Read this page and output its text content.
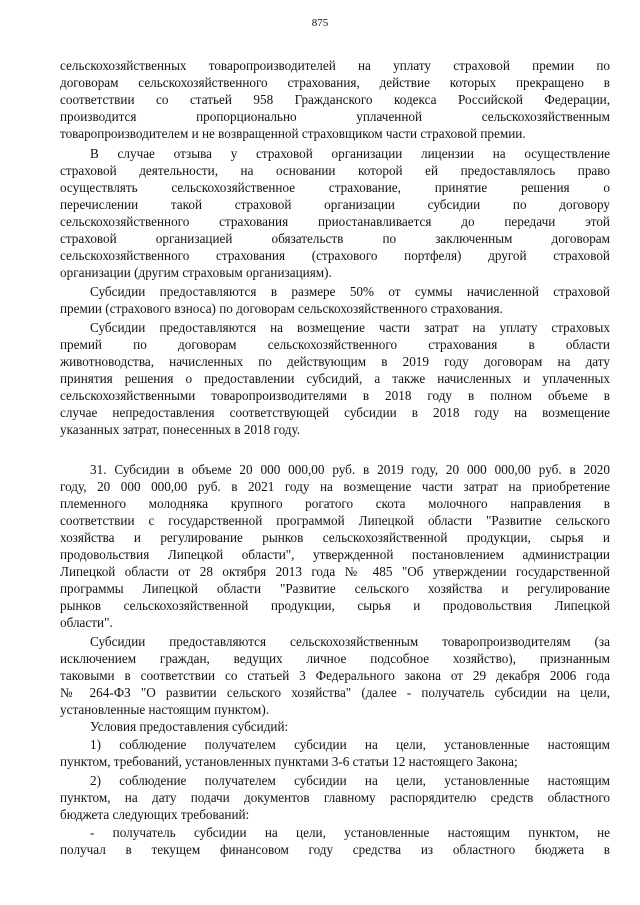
875
сельскохозяйственных товаропроизводителей на уплату страховой премии по
договорам сельскохозяйственного страхования, действие которых прекращено в
соответствии со статьей 958 Гражданского кодекса Российской Федерации,
производится пропорционально уплаченной сельскохозяйственным
товаропроизводителем и не возвращенной страховщиком части страховой премии.
В случае отзыва у страховой организации лицензии на осуществление
страховой деятельности, на основании которой ей предоставлялось право
осуществлять сельскохозяйственное страхование, принятие решения о
перечислении такой страховой организации субсидии по договору
сельскохозяйственного страхования приостанавливается до передачи этой
страховой организацией обязательств по заключенным договорам
сельскохозяйственного страхования (страхового портфеля) другой страховой
организации (другим страховым организациям).
Субсидии предоставляются в размере 50% от суммы начисленной страховой
премии (страхового взноса) по договорам сельскохозяйственного страхования.
Субсидии предоставляются на возмещение части затрат на уплату страховых
премий по договорам сельскохозяйственного страхования в области
животноводства, начисленных по действующим в 2019 году договорам на дату
принятия решения о предоставлении субсидий, а также начисленных и уплаченных
сельскохозяйственными товаропроизводителями в 2018 году в полном объеме в
случае непредоставления соответствующей субсидии в 2018 году на возмещение
указанных затрат, понесенных в 2018 году.
31. Субсидии в объеме 20 000 000,00 руб. в 2019 году, 20 000 000,00 руб. в 2020
году, 20 000 000,00 руб. в 2021 году на возмещение части затрат на приобретение
племенного молодняка крупного рогатого скота молочного направления в
соответствии с государственной программой Липецкой области "Развитие сельского
хозяйства и регулирование рынков сельскохозяйственной продукции, сырья и
продовольствия Липецкой области", утвержденной постановлением администрации
Липецкой области от 28 октября 2013 года № 485 "Об утверждении государственной
программы Липецкой области "Развитие сельского хозяйства и регулирование
рынков сельскохозяйственной продукции, сырья и продовольствия Липецкой
области".
Субсидии предоставляются сельскохозяйственным товаропроизводителям (за
исключением граждан, ведущих личное подсобное хозяйство), признанным
таковыми в соответствии со статьей 3 Федерального закона от 29 декабря 2006 года
№ 264-ФЗ "О развитии сельского хозяйства" (далее - получатель субсидии на цели,
установленные настоящим пунктом).
Условия предоставления субсидий:
1) соблюдение получателем субсидии на цели, установленные настоящим
пунктом, требований, установленных пунктами 3-6 статьи 12 настоящего Закона;
2) соблюдение получателем субсидии на цели, установленные настоящим
пунктом, на дату подачи документов главному распорядителю средств областного
бюджета следующих требований:
- получатель субсидии на цели, установленные настоящим пунктом, не
получал в текущем финансовом году средства из областного бюджета в
